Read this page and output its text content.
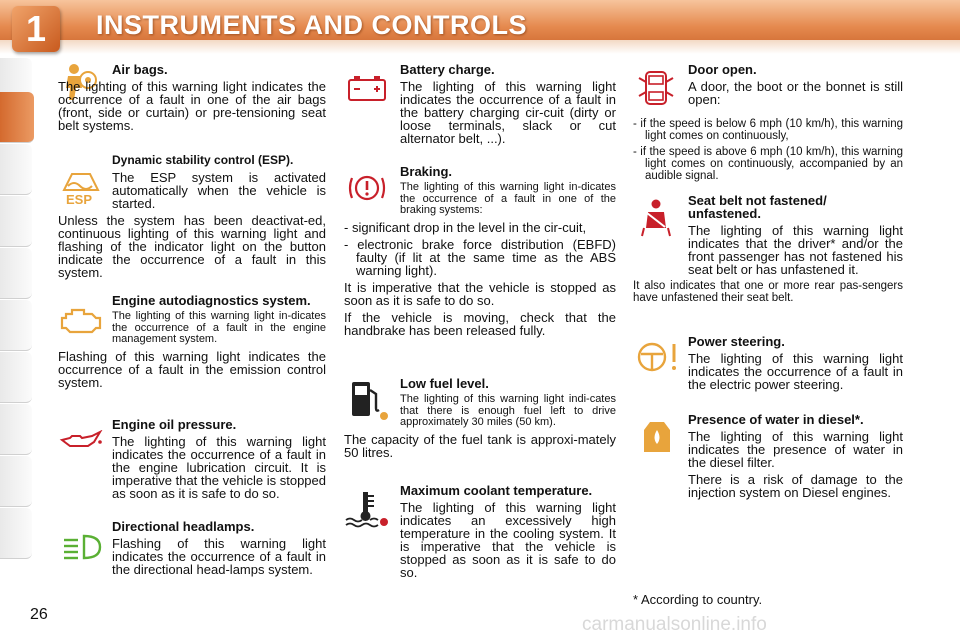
1	INSTRUMENTS AND CONTROLS
Air bags.

The lighting of this warning light indicates the occurrence of a fault in one of the air bags (front, side or curtain) or pre-tensioning seat belt systems.

ESP
Dynamic stability control (ESP).

The ESP system is activated automatically when the vehicle is started.

Unless the system has been deactivat-ed, continuous lighting of this warning light and flashing of the indicator light on the button indicate the occurrence of a fault in this system.

Engine autodiagnostics system.

The lighting of this warning light in-dicates the occurrence of a fault in the engine management system.

Flashing of this warning light indicates the occurrence of a fault in the emission control system.

Engine oil pressure.

The lighting of this warning light indicates the occurrence of a fault in the engine lubrication circuit. It is imperative that the vehicle is stopped as soon as it is safe to do so.

Directional headlamps.

Flashing of this warning light indicates the occurrence of a fault in the directional head-lamps system.

Battery charge.

The lighting of this warning light indicates the occurrence of a fault in the battery charging cir-cuit (dirty or loose terminals, slack or cut alternator belt, ...).

Braking.

The lighting of this warning light in-dicates the occurrence of a fault in one of the braking systems:

- significant drop in the level in the cir-cuit,

- electronic brake force distribution (EBFD) faulty (if lit at the same time as the ABS warning light).

It is imperative that the vehicle is stopped as soon as it is safe to do so.

If the vehicle is moving, check that the handbrake has been released fully.

Low fuel level.

The lighting of this warning light indi-cates that there is enough fuel left to drive approximately 30 miles (50 km).

The capacity of the fuel tank is approxi-mately 50 litres.

Maximum coolant temperature.

The lighting of this warning light indicates an excessively high temperature in the cooling system. It is imperative that the vehicle is stopped as soon as it is safe to do so.

Door open.

A door, the boot or the bonnet is still open:

- if the speed is below 6 mph (10 km/h), this warning light comes on continuously,

- if the speed is above 6 mph (10 km/h), this warning light comes on continuously, accompanied by an audible signal.

Seat belt not fastened/ unfastened.

The lighting of this warning light indicates that the driver* and/or the front passenger has not fastened his seat belt or has unfastened it.

It also indicates that one or more rear pas-sengers have unfastened their seat belt.

Power steering.

The lighting of this warning light indicates the occurrence of a fault in the electric power steering.

Presence of water in diesel*.

The lighting of this warning light indicates the presence of water in the diesel filter.

There is a risk of damage to the injection system on Diesel engines.

* According to country.
26	carmanualsonline.info
